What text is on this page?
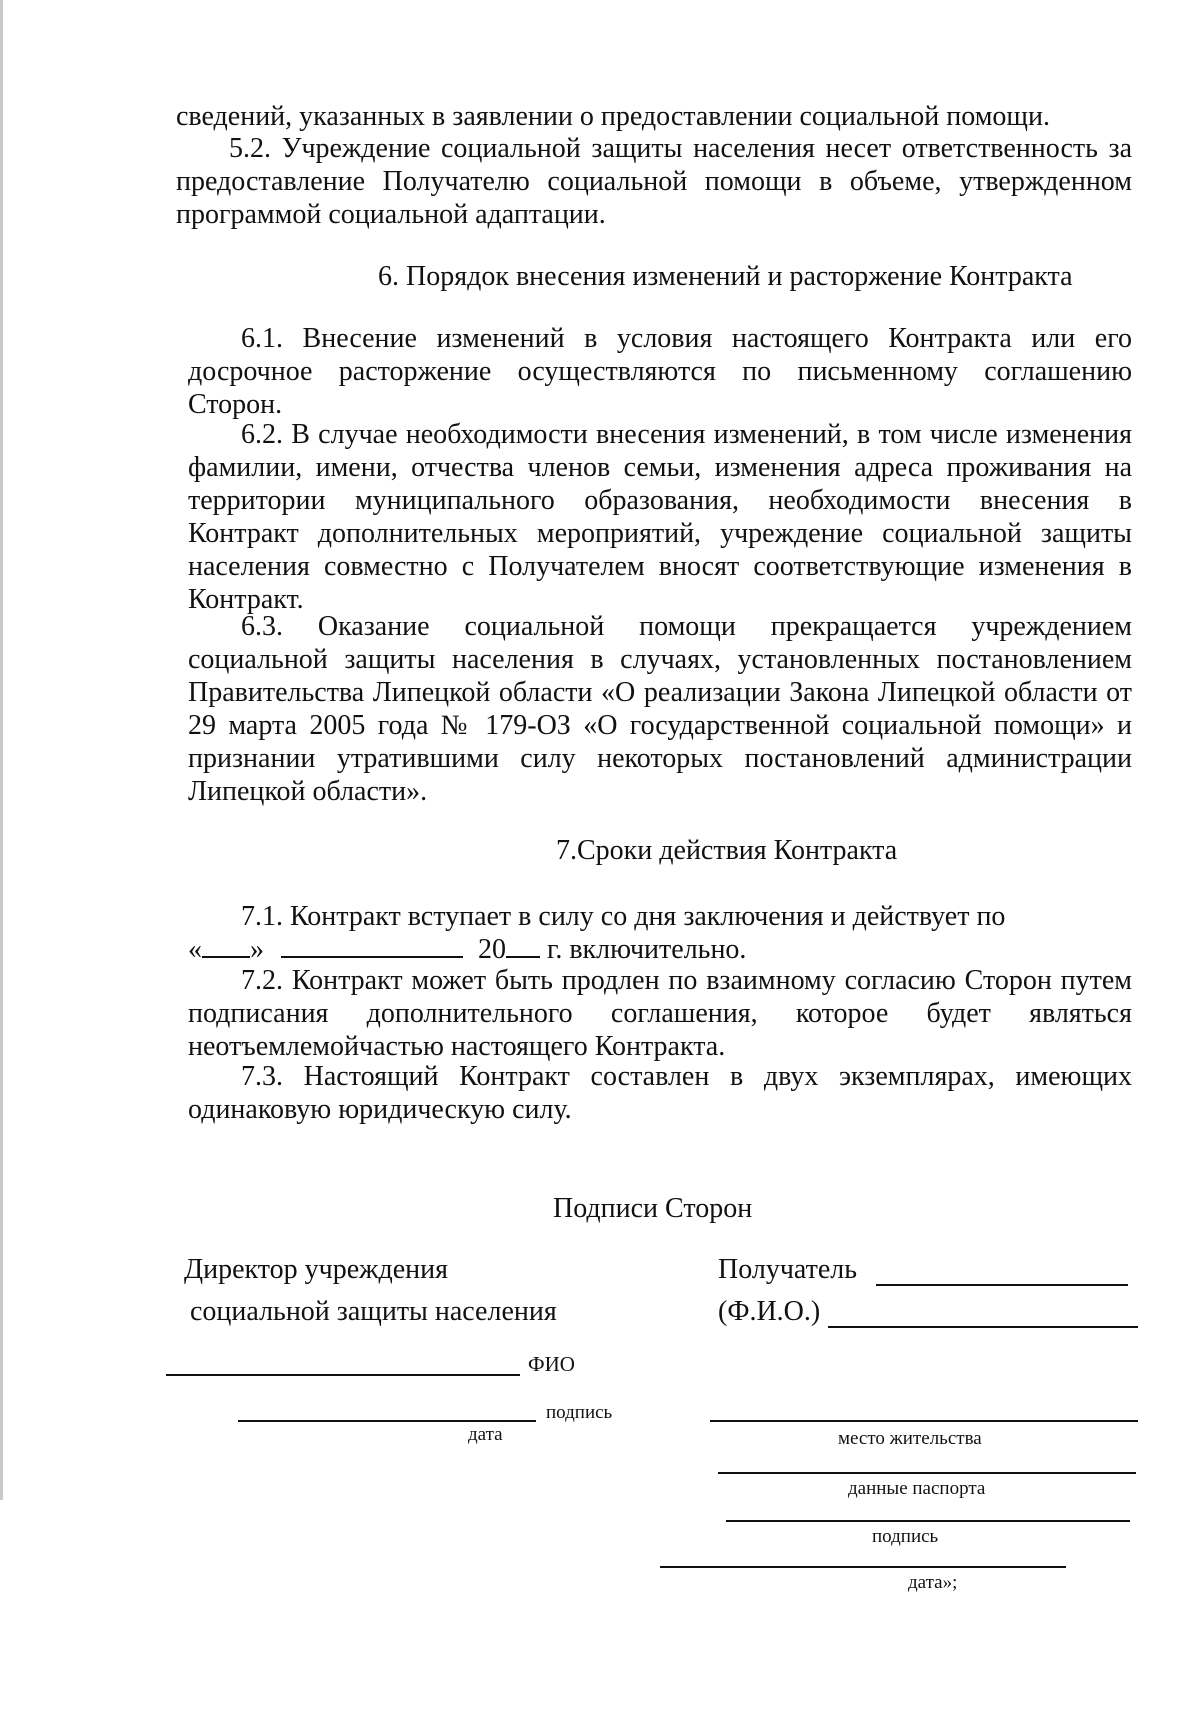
сведений, указанных в заявлении о предоставлении социальной помощи.

5.2. Учреждение социальной защиты населения несет ответственность за предоставление Получателю социальной помощи в объеме, утвержденном программой социальной адаптации.

6. Порядок внесения изменений и расторжение Контракта

6.1. Внесение изменений в условия настоящего Контракта или его досрочное расторжение осуществляются по письменному соглашению Сторон.

6.2. В случае необходимости внесения изменений, в том числе изменения фамилии, имени, отчества членов семьи, изменения адреса проживания на территории муниципального образования, необходимости внесения в Контракт дополнительных мероприятий, учреждение социальной защиты населения совместно с Получателем вносят соответствующие изменения в Контракт.

6.3. Оказание социальной помощи прекращается учреждением социальной защиты населения в случаях, установленных постановлением Правительства Липецкой области «О реализации Закона Липецкой области от 29 марта 2005 года № 179-ОЗ «О государственной социальной помощи» и признании утратившими силу некоторых постановлений администрации Липецкой области».

7.Сроки действия Контракта

7.1. Контракт вступает в силу со дня заключения и действует по

« »	20 г. включительно.

7.2. Контракт может быть продлен по взаимному согласию Сторон путем подписания дополнительного соглашения, которое будет являться неотъемлемойчастью настоящего Контракта.

7.3. Настоящий Контракт составлен в двух экземплярах, имеющих одинаковую юридическую силу.

Подписи Сторон

Директор учреждения
социальной защиты населения
ФИО
подпись
дата
Получатель
(Ф.И.О.)
место жительства
данные паспорта
подпись
дата»;
